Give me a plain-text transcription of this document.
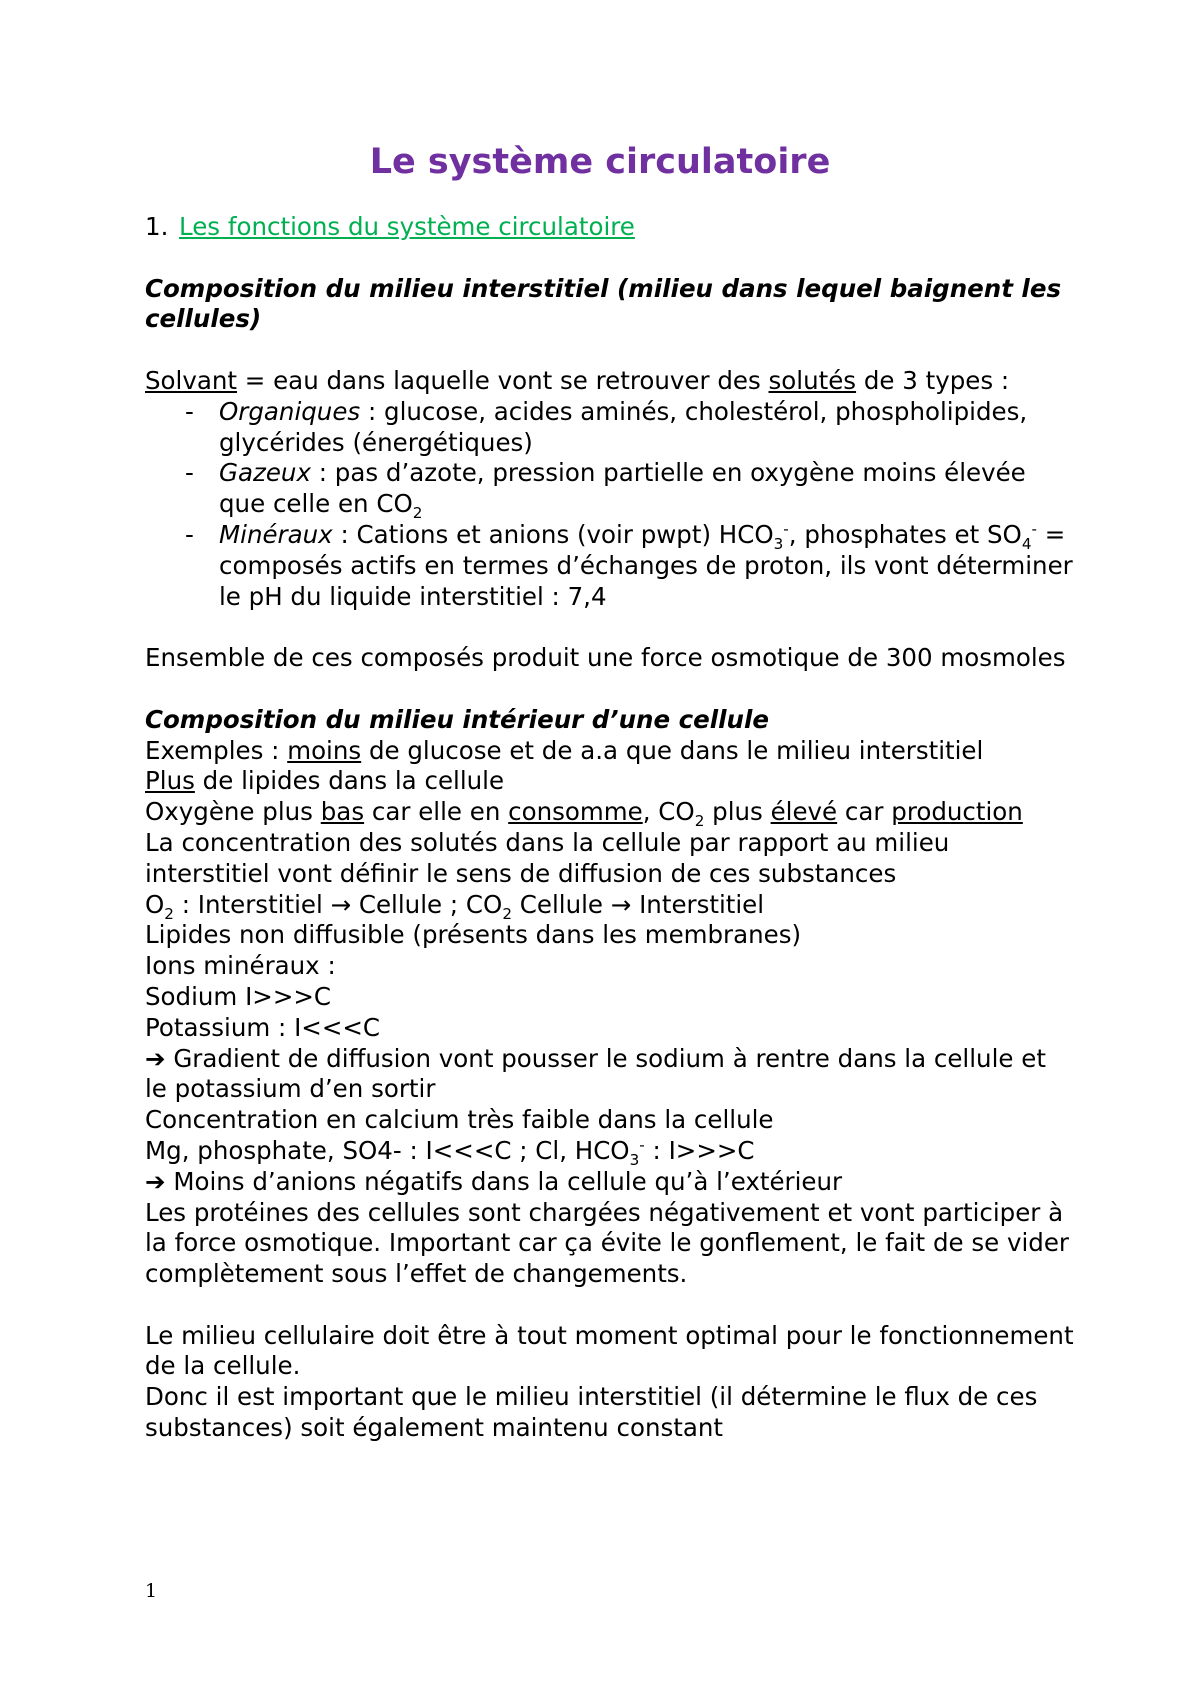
Le système circulatoire

1. Les fonctions du système circulatoire

Composition du milieu interstitiel (milieu dans lequel baignent les cellules)

Solvant = eau dans laquelle vont se retrouver des solutés de 3 types :

- Organiques : glucose, acides aminés, cholestérol, phospholipides, glycérides (énergétiques)
- Gazeux : pas d’azote, pression partielle en oxygène moins élevée que celle en $CO_2$
- Minéraux : Cations et anions (voir pwpt) $HCO_3^-$, phosphates et $SO_4^-$ = composés actifs en termes d’échanges de proton, ils vont déterminer le pH du liquide interstitiel : 7,4

Ensemble de ces composés produit une force osmotique de 300 mosmoles

Composition du milieu intérieur d’une cellule

Exemples : moins de glucose et de a.a que dans le milieu interstitiel

Plus de lipides dans la cellule

Oxygène plus bas car elle en consomme, $CO_2$ plus élevé car production

La concentration des solutés dans la cellule par rapport au milieu interstitiel vont définir le sens de diffusion de ces substances

$O_2$ : Interstitiel → Cellule ; $CO_2$ Cellule → Interstitiel

Lipides non diffusible (présents dans les membranes)

Ions minéraux :

Sodium I>>>C

Potassium : I<<<C

➔ Gradient de diffusion vont pousser le sodium à rentre dans la cellule et le potassium d’en sortir

Concentration en calcium très faible dans la cellule

Mg, phosphate, SO4- : I<<<C ; Cl, $HCO_3^-$ : I>>>C

➔ Moins d’anions négatifs dans la cellule qu’à l’extérieur

Les protéines des cellules sont chargées négativement et vont participer à la force osmotique. Important car ça évite le gonflement, le fait de se vider complètement sous l’effet de changements.

Le milieu cellulaire doit être à tout moment optimal pour le fonctionnement de la cellule.

Donc il est important que le milieu interstitiel (il détermine le flux de ces substances) soit également maintenu constant

1
